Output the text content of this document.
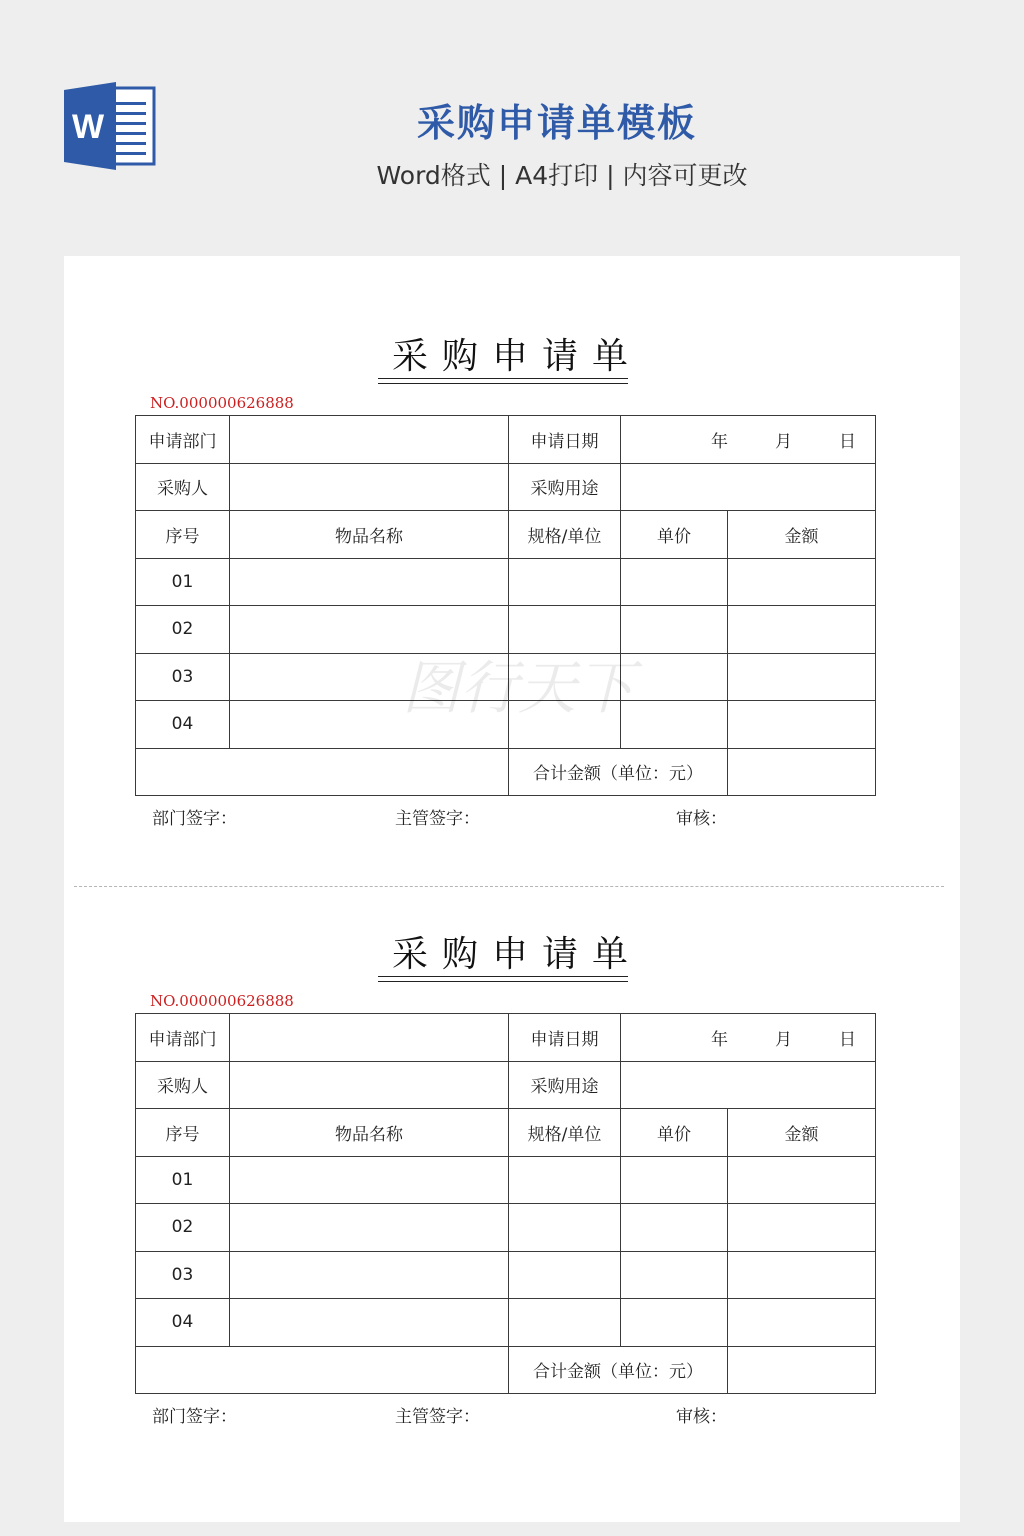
W	采购申请单模板
Word格式 | A4打印 | 内容可更改
采购申请单
NO.000000626888
申请部门		申请日期	年 月 日	
采购人		采购用途		
序号	物品名称	规格/单位	单价	金额
01				
02				
03				
04				
		合计金额（单位：元）		
部门签字：	主管签字：	审核：
采购申请单
NO.000000626888
申请部门		申请日期	年 月 日	
采购人		采购用途		
序号	物品名称	规格/单位	单价	金额
01				
02				
03				
04				
		合计金额（单位：元）		
部门签字：	主管签字：	审核：
